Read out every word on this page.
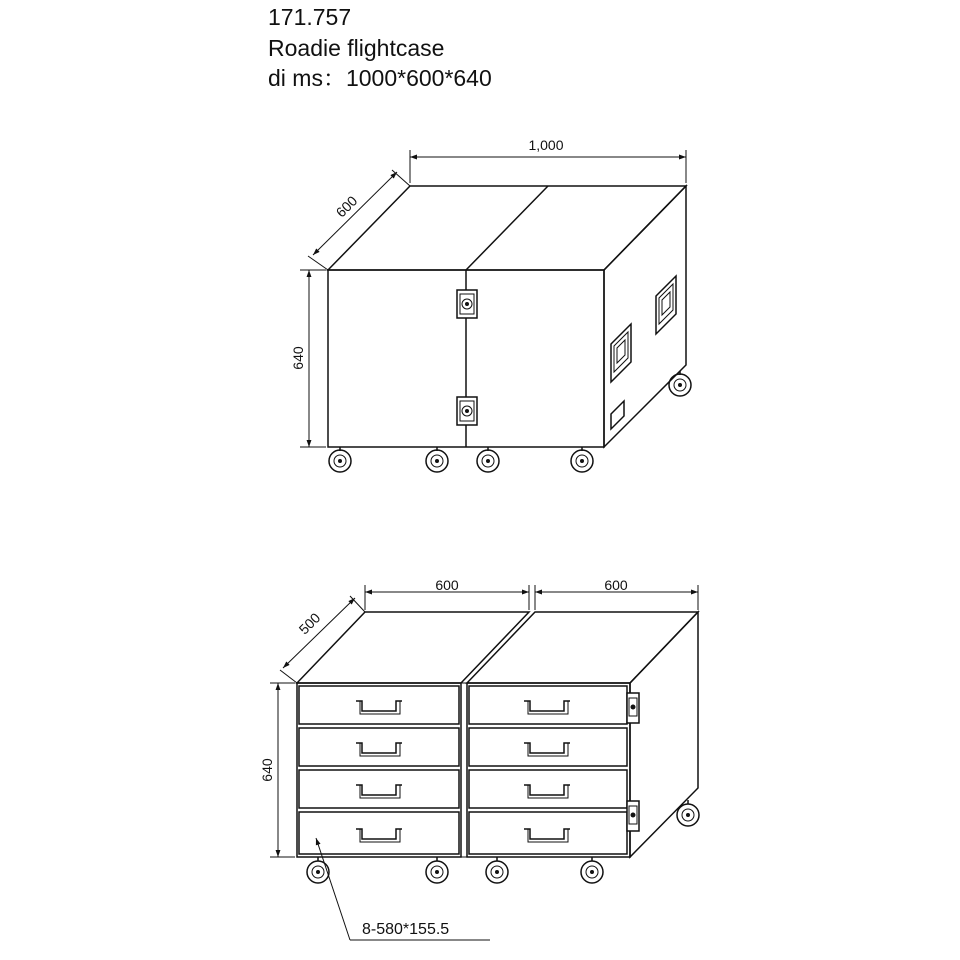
171.757
Roadie flightcase
di ms：1000*600*640
1,000
600
640
600	600
500
640
8-580*155.5
